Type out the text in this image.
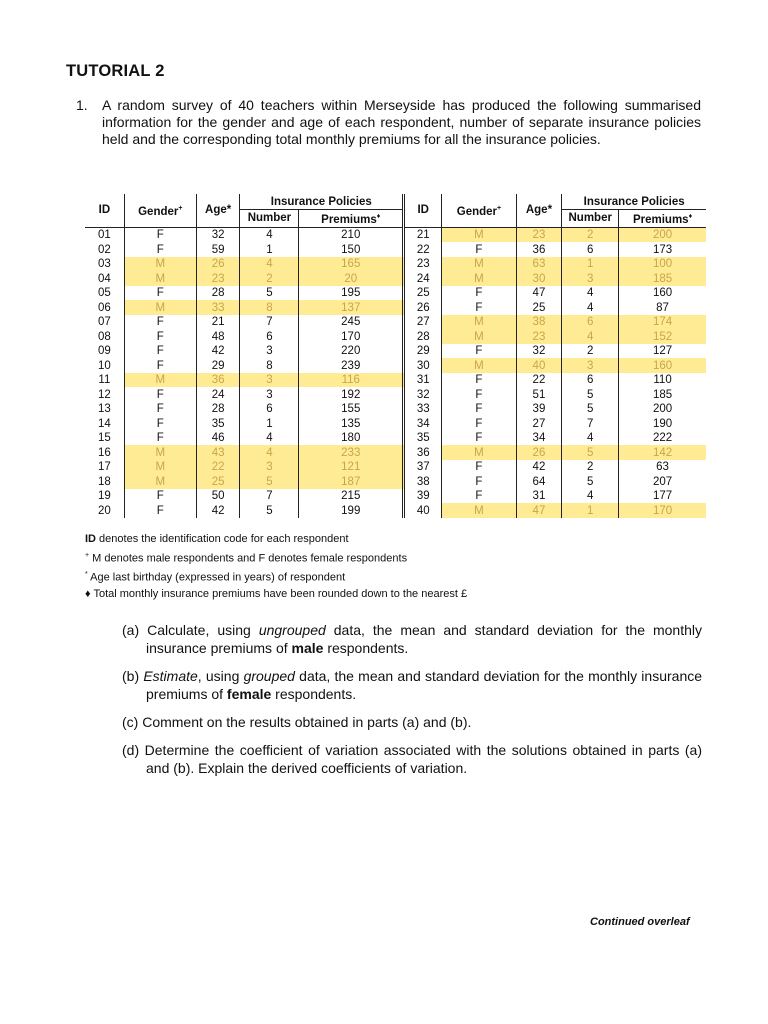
TUTORIAL 2
1. A random survey of 40 teachers within Merseyside has produced the following summarised information for the gender and age of each respondent, number of separate insurance policies held and the corresponding total monthly premiums for all the insurance policies.
ID	Gender+	Age*	Insurance Policies		ID	Gender+	Age*	Insurance Policies	
			Number	Premiums♦				Number	Premiums♦
01	F	32	4	210	21	M	23	2	200
02	F	59	1	150	22	F	36	6	173
03	M	26	4	165	23	M	63	1	100
04	M	23	2	20	24	M	30	3	185
05	F	28	5	195	25	F	47	4	160
06	M	33	8	137	26	F	25	4	87
07	F	21	7	245	27	M	38	6	174
08	F	48	6	170	28	M	23	4	152
09	F	42	3	220	29	F	32	2	127
10	F	29	8	239	30	M	40	3	160
11	M	36	3	116	31	F	22	6	110
12	F	24	3	192	32	F	51	5	185
13	F	28	6	155	33	F	39	5	200
14	F	35	1	135	34	F	27	7	190
15	F	46	4	180	35	F	34	4	222
16	M	43	4	233	36	M	26	5	142
17	M	22	3	121	37	F	42	2	63
18	M	25	5	187	38	F	64	5	207
19	F	50	7	215	39	F	31	4	177
20	F	42	5	199	40	M	47	1	170
ID denotes the identification code for each respondent
+ M denotes male respondents and F denotes female respondents
* Age last birthday (expressed in years) of respondent
♦ Total monthly insurance premiums have been rounded down to the nearest £
(a) Calculate, using ungrouped data, the mean and standard deviation for the monthly insurance premiums of male respondents.
(b) Estimate, using grouped data, the mean and standard deviation for the monthly insurance premiums of female respondents.
(c) Comment on the results obtained in parts (a) and (b).
(d) Determine the coefficient of variation associated with the solutions obtained in parts (a) and (b). Explain the derived coefficients of variation.
Continued overleaf
